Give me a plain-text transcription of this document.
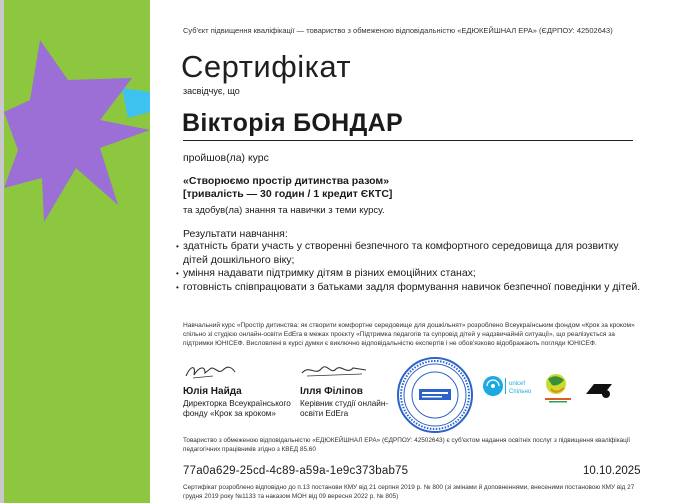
Суб'єкт підвищення кваліфікації — товариство з обмеженою відповідальністю «ЕДЮКЕЙШНАЛ ЕРА» (ЄДРПОУ: 42502643)
Сертифікат
засвідчує, що
Вікторія БОНДАР
пройшов(ла) курс
«Створюємо простір дитинства разом»
[тривалість — 30 годин / 1 кредит ЄКТС]
та здобув(ла) знання та навички з теми курсу.
Результати навчання:
• здатність брати участь у створенні безпечного та комфортного середовища для розвитку дітей дошкільного віку;
• уміння надавати підтримку дітям в різних емоційних станах;
• готовність співпрацювати з батьками задля формування навичок безпечної поведінки у дітей.
Навчальний курс «Простір дитинства: як створити комфортне середовище для дошкільнят» розроблено Всеукраїнським фондом «Крок за кроком» спільно зі студією онлайн-освіти EdEra в межах проєкту «Підтримка педагогів та супровід дітей у надзвичайній ситуації», що реалізується за підтримки ЮНІСЕФ. Висловлені в курсі думки є виключно відповідальністю експертів і не обов'язково відображають погляди ЮНІСЕФ.
Юлія Найда
Директорка Всеукраїнського фонду «Крок за кроком»
Ілля Філіпов
Керівник студії онлайн-освіти EdEra
unicef
Спільно
Товариство з обмеженою відповідальністю «ЕДЮКЕЙШНАЛ ЕРА» (ЄДРПОУ: 42502643) є суб'єктом надання освітніх послуг з підвищення кваліфікації педагогічних працівників згідно з КВЕД 85.60
77a0a629-25cd-4c89-a59a-1e9c373bab75	10.10.2025
Сертифікат розроблено відповідно до п.13 постанови КМУ від 21 серпня 2019 р. № 800 (зі змінами й доповненнями, внесеними постановою КМУ від 27 грудня 2019 року №1133 та наказом МОН від 09 вересня 2022 р. № 805)
